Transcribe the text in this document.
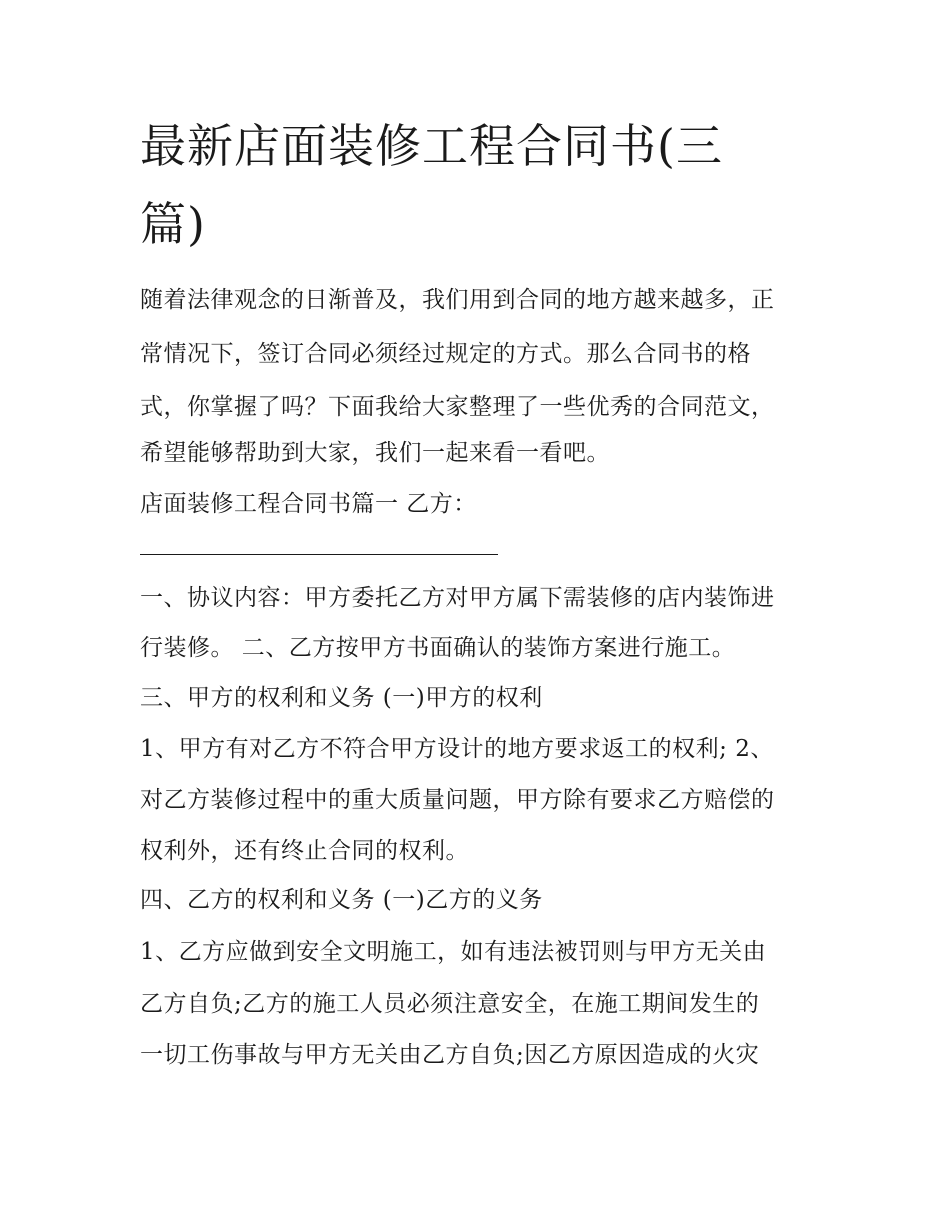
最新店面装修工程合同书(三
篇)
随着法律观念的日渐普及，我们用到合同的地方越来越多，正
常情况下，签订合同必须经过规定的方式。那么合同书的格
式，你掌握了吗？下面我给大家整理了一些优秀的合同范文，
希望能够帮助到大家，我们一起来看一看吧。
店面装修工程合同书篇一 乙方：
一、协议内容：甲方委托乙方对甲方属下需装修的店内装饰进
行装修。 二、乙方按甲方书面确认的装饰方案进行施工。
三、甲方的权利和义务 (一)甲方的权利
1、甲方有对乙方不符合甲方设计的地方要求返工的权利; 2、
对乙方装修过程中的重大质量问题，甲方除有要求乙方赔偿的
权利外，还有终止合同的权利。
四、乙方的权利和义务 (一)乙方的义务
1、乙方应做到安全文明施工，如有违法被罚则与甲方无关由
乙方自负;乙方的施工人员必须注意安全，在施工期间发生的
一切工伤事故与甲方无关由乙方自负;因乙方原因造成的火灾
